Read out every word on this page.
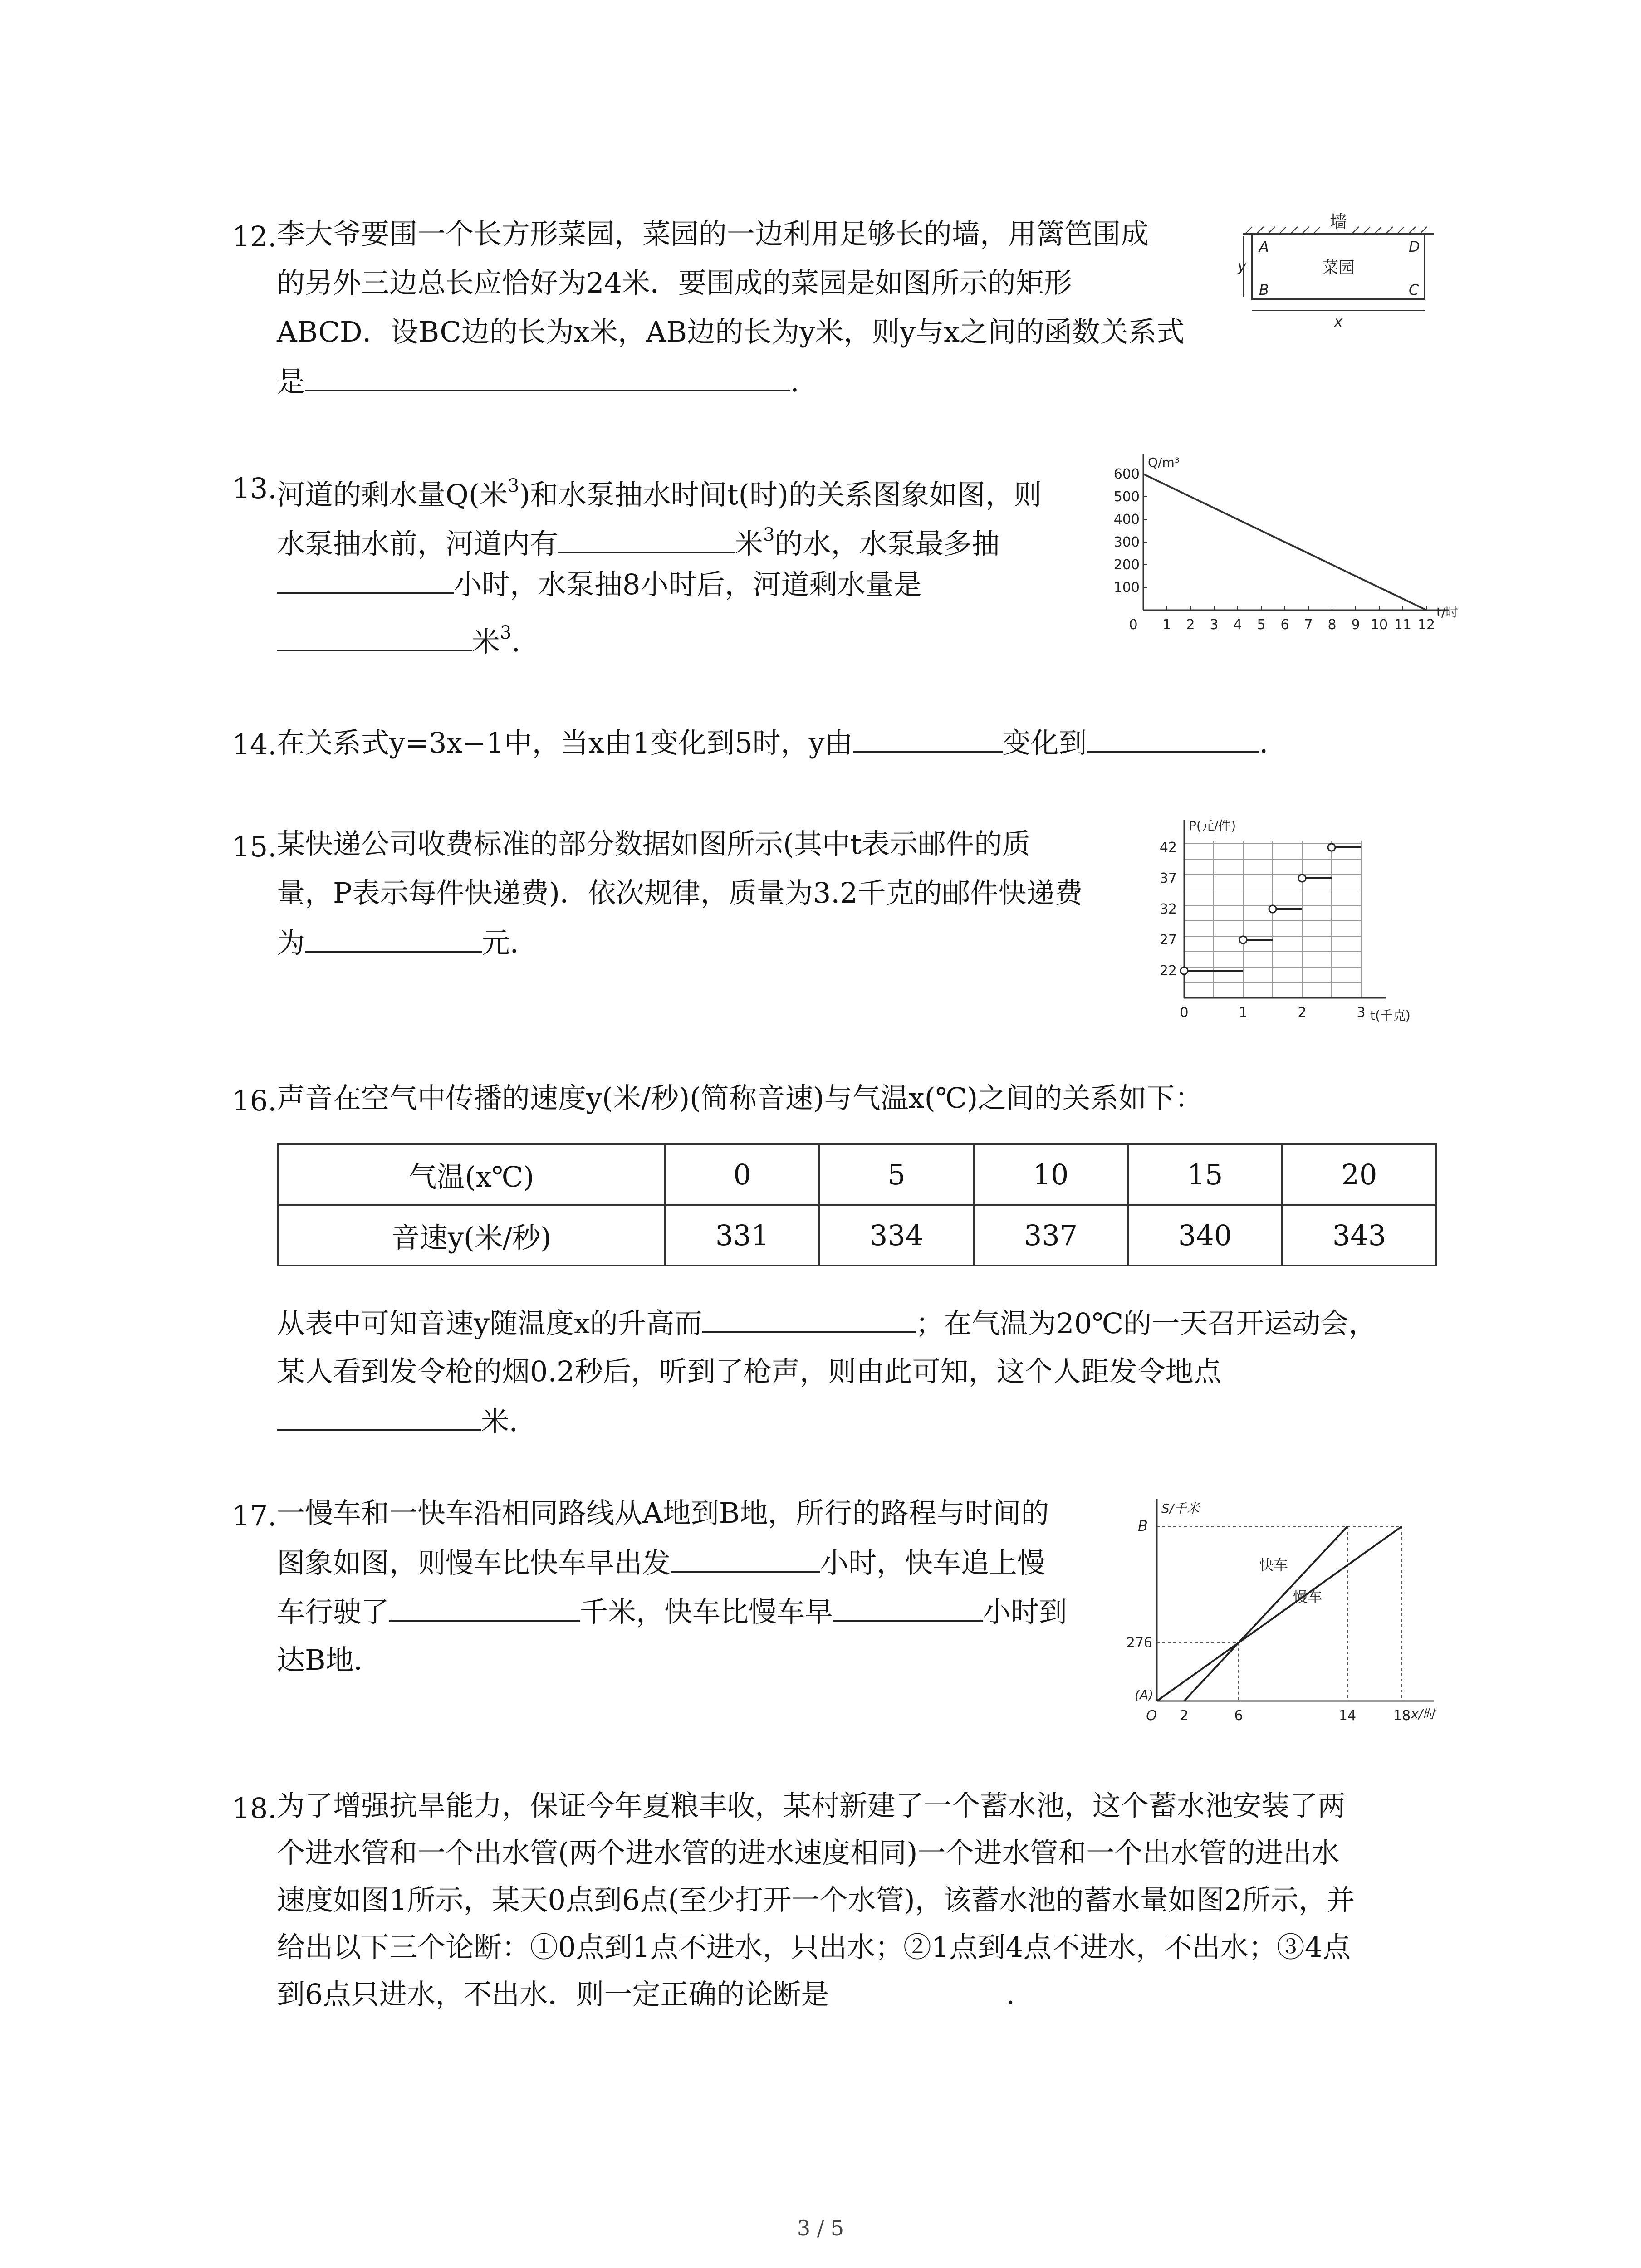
12. 李大爷要围一个长方形菜园，菜园的一边利用足够长的墙，用篱笆围成
的另外三边总长应恰好为24米．要围成的菜园是如图所示的矩形
ABCD．设BC边的长为x米，AB边的长为y米，则y与x之间的函数关系式
是	．
墙
A	D
B	C
菜园
y
x
13. 河道的剩水量Q(米$^3$)和水泵抽水时间t(时)的关系图象如图，则
水泵抽水前，河道内有	米$^3$的水，水泵最多抽
小时，水泵抽8小时后，河道剩水量是
米$^3$．
1 2 3 4 5 6 7 8 9 10 11 12
100
200
300
400
500
600
0
t/时
Q/m³
14. 在关系式y=3x−1中，当x由1变化到5时，y由	变化到	．
15. 某快递公司收费标准的部分数据如图所示(其中t表示邮件的质
量，P表示每件快递费)．依次规律，质量为3.2千克的邮件快递费
为	元．
1	2	3
0
22
27
32
37
42
t(千克)
P(元/件)
16. 声音在空气中传播的速度y(米/秒)(简称音速)与气温x(℃)之间的关系如下：
气温(x℃)	0	5	10	15	20
音速y(米/秒)	331	334	337	340	343
从表中可知音速y随温度x的升高而	；在气温为20℃的一天召开运动会，
某人看到发令枪的烟0.2秒后，听到了枪声，则由此可知，这个人距发令地点
米．
17. 一慢车和一快车沿相同路线从A地到B地，所行的路程与时间的
图象如图，则慢车比快车早出发	小时，快车追上慢
车行驶了	千米，快车比慢车早	小时到
达B地．
快车
慢车
2	6	14	18
O
(A)
276
B
x/时
S/千米
18. 为了增强抗旱能力，保证今年夏粮丰收，某村新建了一个蓄水池，这个蓄水池安装了两
个进水管和一个出水管(两个进水管的进水速度相同)一个进水管和一个出水管的进出水
速度如图1所示，某天0点到6点(至少打开一个水管)，该蓄水池的蓄水量如图2所示，并
给出以下三个论断：①0点到1点不进水，只出水；②1点到4点不进水，不出水；③4点
到6点只进水，不出水．则一定正确的论断是	．
3 / 5
